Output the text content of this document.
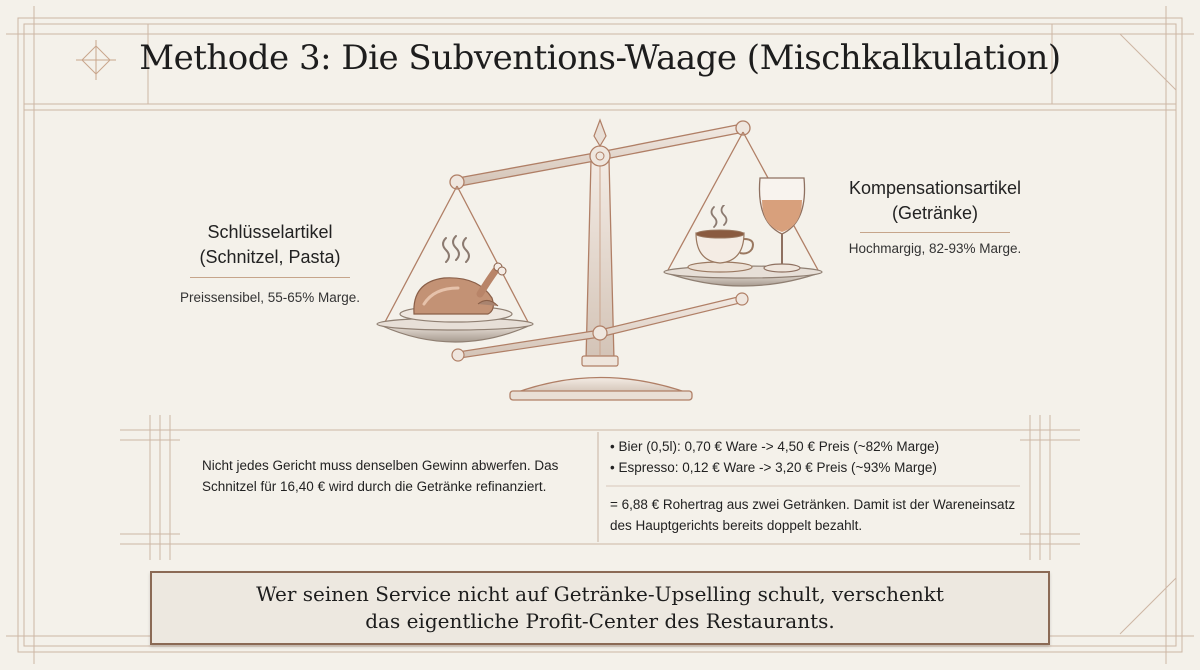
Methode 3: Die Subventions-Waage (Mischkalkulation)
Schlüsselartikel
(Schnitzel, Pasta)
Preissensibel, 55-65% Marge.
Kompensationsartikel
(Getränke)
Hochmargig, 82-93% Marge.
Nicht jedes Gericht muss denselben Gewinn abwerfen. Das Schnitzel für 16,40 € wird durch die Getränke refinanziert.
• Bier (0,5l): 0,70 € Ware -> 4,50 € Preis (~82% Marge)
• Espresso: 0,12 € Ware -> 3,20 € Preis (~93% Marge)
= 6,88 € Rohertrag aus zwei Getränken. Damit ist der Wareneinsatz des Hauptgerichts bereits doppelt bezahlt.
Wer seinen Service nicht auf Getränke-Upselling schult, verschenkt
das eigentliche Profit-Center des Restaurants.
